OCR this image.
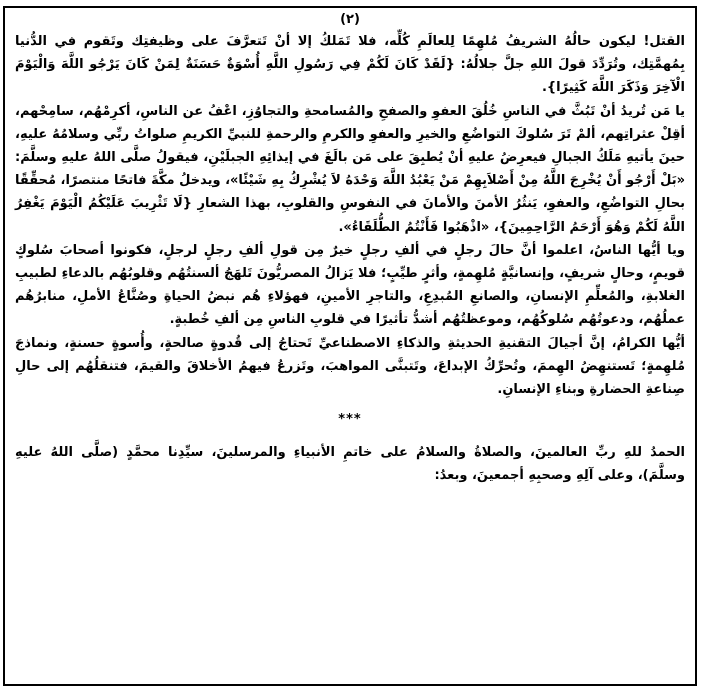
(٢)

القتل! ليكون حالُهُ الشريفُ مُلهِمًا لِلعالَمِ كُلِّه، فلا تَمَلكُ إلا أنْ تَتعرَّفَ على وظيفتِك وتَقوم في الدُّنيا بِمُهمَّتِك، وتُرَدِّدَ قولَ اللهِ جلَّ جلالُهُ: {لَقَدْ كَانَ لَكُمْ فِي رَسُولِ اللَّهِ أُسْوَةٌ حَسَنَةٌ لِمَنْ كَانَ يَرْجُو اللَّهَ وَالْيَوْمَ الْآخِرَ وَذَكَرَ اللَّهَ كَثِيرًا}.

يا مَن تُريدُ أنْ تَبُثَّ في الناسِ خُلُقَ العفوِ والصفحِ والمُسامحةِ والتجاوُزِ، اعْفُ عن الناسِ، أكرِمْهُم، سامِحْهم، أقِلْ عثراتِهم، ألمْ تَرَ سُلوكَ التواضُعِ والخيرِ والعفوِ والكرمِ والرحمةِ للنبيِّ الكريمِ صلواتُ ربِّي وسلامُهُ عليهِ، حينَ يأتيهِ مَلَكُ الجبالِ فيعرِضُ عليهِ أنْ يُطبِقَ على مَن بالَغَ في إيذائِهِ الجبلَيْنِ، فيقولُ صلَّى اللهُ عليهِ وسلَّمَ: «بَلْ أَرْجُو أَنْ يُخْرِجَ اللَّهُ مِنْ أَصْلاَبِهِمْ مَنْ يَعْبُدُ اللَّهَ وَحْدَهُ لاَ يُشْرِكُ بِهِ شَيْئًا»، ويدخلُ مكَّةَ فاتحًا منتصرًا، مُحقِّقًا بحالِ التواضُعِ، والعفوِ، يَنثُرُ الأمنَ والأمانَ في النفوسِ والقلوبِ، بهذا الشعارِ {لَا تَثْرِيبَ عَلَيْكُمُ الْيَوْمَ يَغْفِرُ اللَّهُ لَكُمْ وَهُوَ أَرْحَمُ الرَّاحِمِينَ}، «اذْهَبُوا فَأَنْتُمُ الطُّلَقَاءُ».

ويا أيُّها الناسُ، اعلموا أنَّ حالَ رجلٍ في ألفِ رجلٍ خيرٌ مِن قولِ ألفِ رجلٍ لرجلٍ، فكونوا أصحابَ سُلوكٍ قويمٍ، وحالٍ شريفٍ، وإنسانيَّةٍ مُلهِمةٍ، وأثرٍ طيِّبٍ؛ فلا يَزالُ المصريُّونَ تَلهَجُ ألسنتُهُم وقلوبُهُم بالدعاءِ لطبيبِ الغلابةِ، والمُعلِّمِ الإنسانِ، والصانعِ المُبدِعِ، والتاجرِ الأمينِ، فهؤلاءِ هُم نبضُ الحياةِ وصُنَّاعُ الأملِ، منابرُهُم عملُهُم، ودعوتُهُم سُلوكُهُم، وموعظتُهُم أشدُّ تأثيرًا في قلوبِ الناسِ مِن ألفِ خُطبةٍ.

أيُّها الكرامُ، إنَّ أجيالَ التقنيةِ الحديثةِ والذكاءِ الاصطناعيِّ تَحتاجُ إلى قُدوةٍ صالحةٍ، وأُسوةٍ حسنةٍ، ونماذجَ مُلهِمةٍ؛ تَستنهِضُ الهِممَ، وتُحرِّكُ الإبداعَ، وتَتبنَّى المواهبَ، وتَزرعُ فيهمُ الأخلاقَ والقيمَ، فتنقلُهُم إلى حالِ صِناعةِ الحضارةِ وبناءِ الإنسانِ.

***

الحمدُ للهِ ربِّ العالمينَ، والصلاةُ والسلامُ على خاتمِ الأنبياءِ والمرسلينَ، سيِّدِنا محمَّدٍ (صلَّى اللهُ عليهِ وسلَّمَ)، وعلى آلِهِ وصحبِهِ أجمعينَ، وبعدُ:
